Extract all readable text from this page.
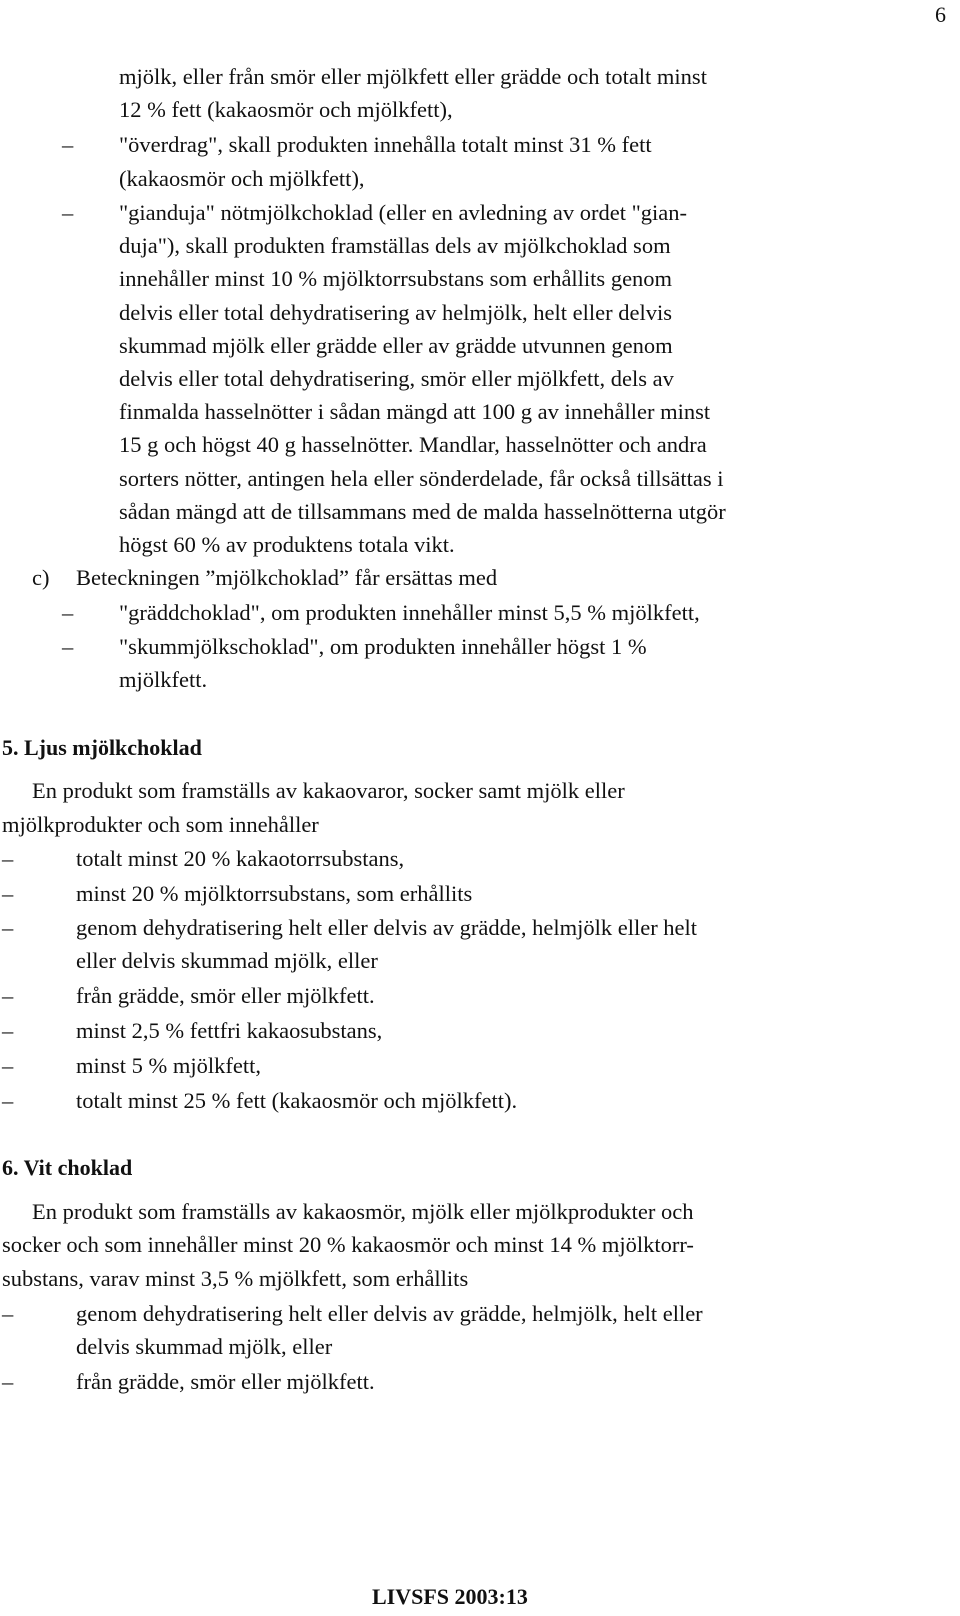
6
mjölk, eller från smör eller mjölkfett eller grädde och totalt minst
12 % fett (kakaosmör och mjölkfett),
– "överdrag", skall produkten innehålla totalt minst 31 % fett
(kakaosmör och mjölkfett),
– "gianduja" nötmjölkchoklad (eller en avledning av ordet "gian-
duja"), skall produkten framställas dels av mjölkchoklad som
innehåller minst 10 % mjölktorrsubstans som erhållits genom
delvis eller total dehydratisering av helmjölk, helt eller delvis
skummad mjölk eller grädde eller av grädde utvunnen genom
delvis eller total dehydratisering, smör eller mjölkfett, dels av
finmalda hasselnötter i sådan mängd att 100 g av innehåller minst
15 g och högst 40 g hasselnötter. Mandlar, hasselnötter och andra
sorters nötter, antingen hela eller sönderdelade, får också tillsättas i
sådan mängd att de tillsammans med de malda hasselnötterna utgör
högst 60 % av produktens totala vikt.
c) Beteckningen ”mjölkchoklad” får ersättas med
– "gräddchoklad", om produkten innehåller minst 5,5 % mjölkfett,
– "skummjölkschoklad", om produkten innehåller högst 1 %
mjölkfett.
5. Ljus mjölkchoklad
En produkt som framställs av kakaovaror, socker samt mjölk eller
mjölkprodukter och som innehåller
–	totalt minst 20 % kakaotorrsubstans,
–	minst 20 % mjölktorrsubstans, som erhållits
–	genom dehydratisering helt eller delvis av grädde, helmjölk eller helt
eller delvis skummad mjölk, eller
–	från grädde, smör eller mjölkfett.
–	minst 2,5 % fettfri kakaosubstans,
–	minst 5 % mjölkfett,
–	totalt minst 25 % fett (kakaosmör och mjölkfett).
6. Vit choklad
En produkt som framställs av kakaosmör, mjölk eller mjölkprodukter och
socker och som innehåller minst 20 % kakaosmör och minst 14 % mjölktorr-
substans, varav minst 3,5 % mjölkfett, som erhållits
–	genom dehydratisering helt eller delvis av grädde, helmjölk, helt eller
delvis skummad mjölk, eller
–	från grädde, smör eller mjölkfett.
LIVSFS 2003:13
